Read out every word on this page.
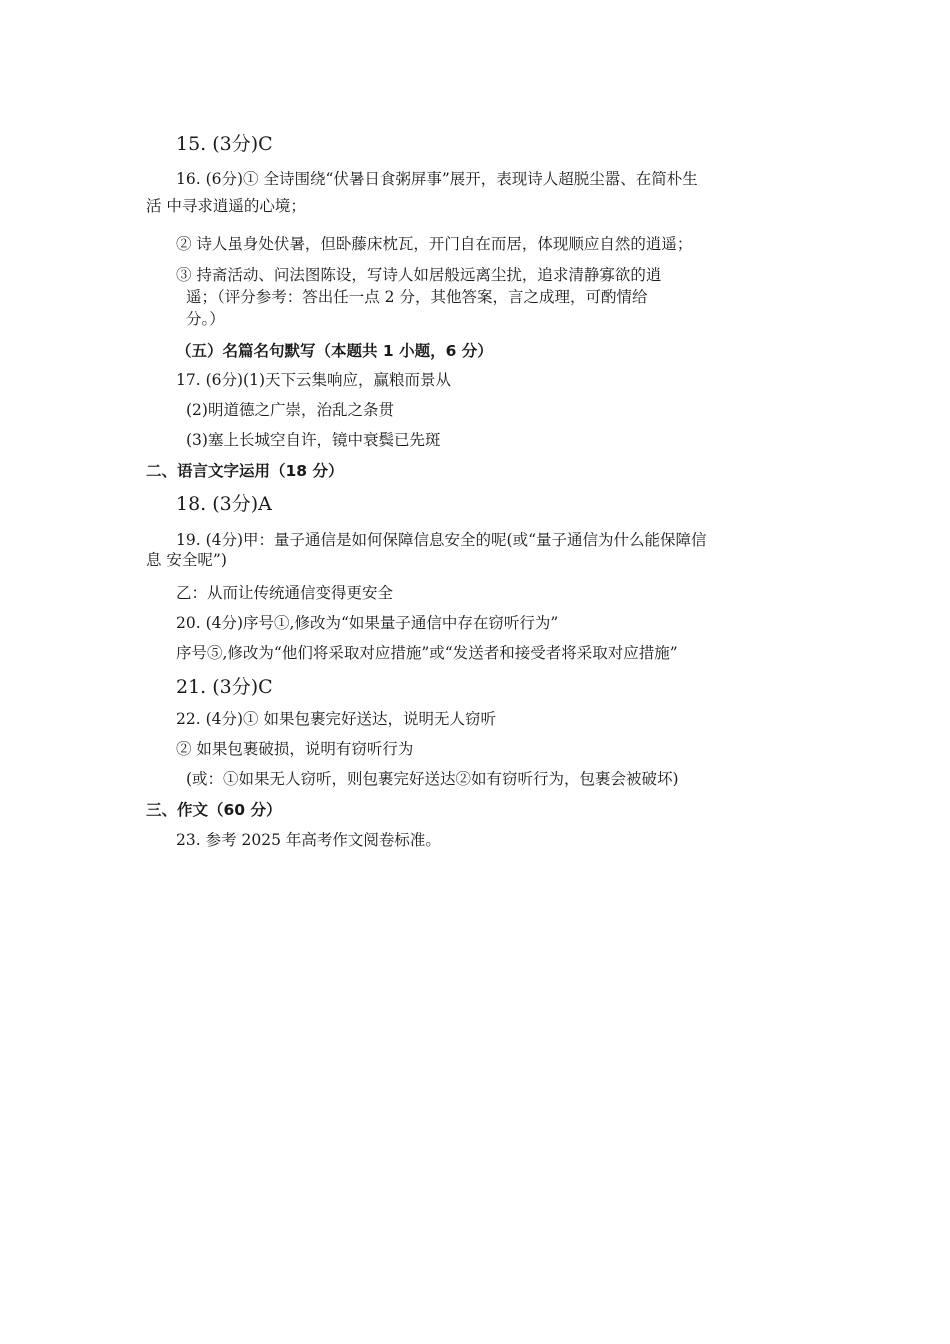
15. (3分)C
16. (6分)① 全诗围绕“伏暑日食粥屏事”展开，表现诗人超脱尘嚣、在简朴生
活 中寻求逍遥的心境；
② 诗人虽身处伏暑，但卧藤床枕瓦，开门自在而居，体现顺应自然的逍遥；
③ 持斋活动、问法图陈设，写诗人如居般远离尘扰，追求清静寡欲的逍
遥；（评分参考：答出任一点 2 分，其他答案，言之成理，可酌情给
分。）
（五）名篇名句默写（本题共 1 小题，6 分）
17. (6分)(1)天下云集响应，赢粮而景从
(2)明道德之广崇，治乱之条贯
(3)塞上长城空自许，镜中衰鬓已先斑
二、语言文字运用（18 分）
18. (3分)A
19. (4分)甲：量子通信是如何保障信息安全的呢(或“量子通信为什么能保障信
息 安全呢”)
乙：从而让传统通信变得更安全
20. (4分)序号①,修改为“如果量子通信中存在窃听行为”
序号⑤,修改为“他们将采取对应措施”或“发送者和接受者将采取对应措施”
21. (3分)C
22. (4分)① 如果包裹完好送达，说明无人窃听
② 如果包裹破损，说明有窃听行为
(或：①如果无人窃听，则包裹完好送达②如有窃听行为，包裹会被破坏)
三、作文（60 分）
23. 参考 2025 年高考作文阅卷标准。
